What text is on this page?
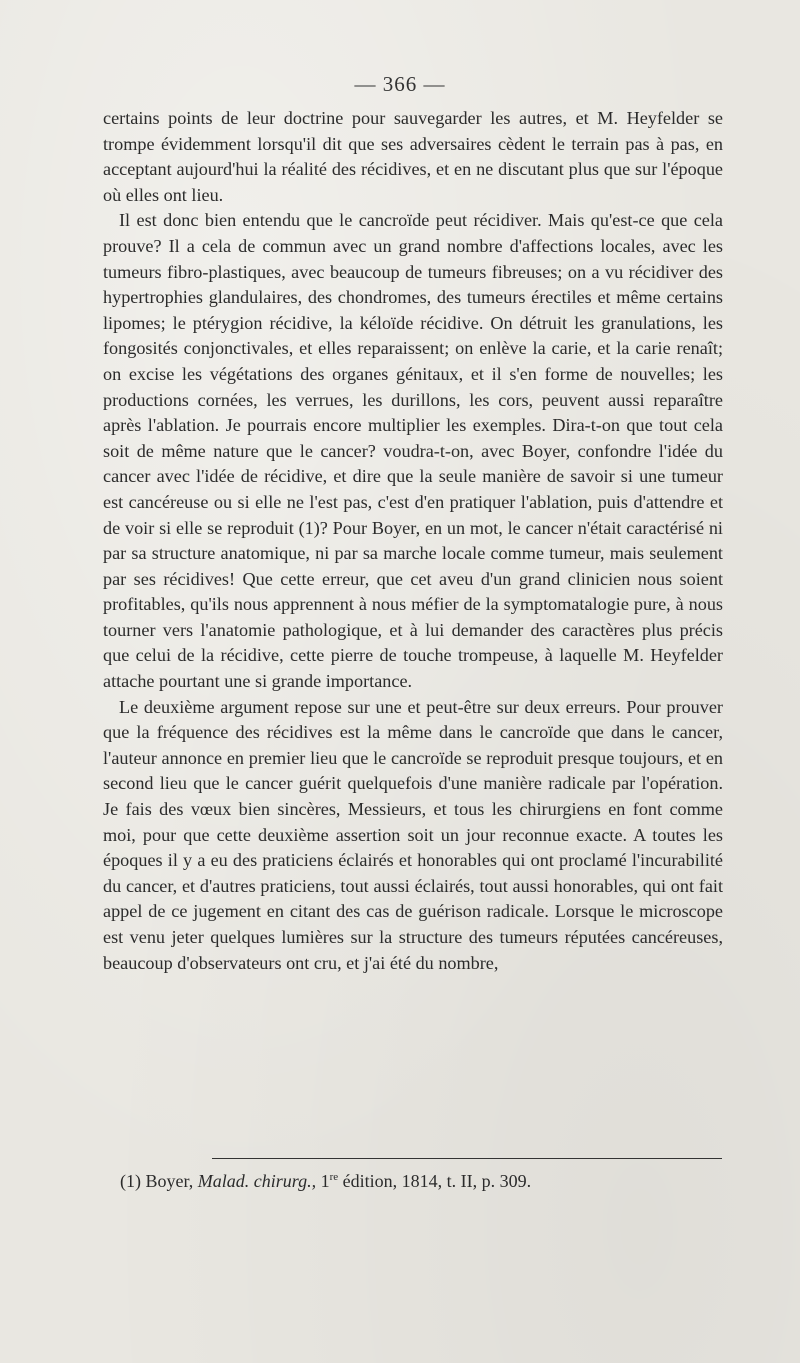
— 366 —

certains points de leur doctrine pour sauvegarder les autres, et M. Heyfelder se trompe évidemment lorsqu'il dit que ses adversaires cèdent le terrain pas à pas, en acceptant aujourd'hui la réalité des récidives, et en ne discutant plus que sur l'époque où elles ont lieu.

Il est donc bien entendu que le cancroïde peut récidiver. Mais qu'est-ce que cela prouve? Il a cela de commun avec un grand nombre d'affections locales, avec les tumeurs fibro-plastiques, avec beaucoup de tumeurs fibreuses; on a vu récidiver des hypertrophies glandulaires, des chondromes, des tumeurs érectiles et même certains lipomes; le ptérygion récidive, la kéloïde récidive. On détruit les granulations, les fongosités conjonctivales, et elles reparaissent; on enlève la carie, et la carie renaît; on excise les végétations des organes génitaux, et il s'en forme de nouvelles; les productions cornées, les verrues, les durillons, les cors, peuvent aussi reparaître après l'ablation. Je pourrais encore multiplier les exemples. Dira-t-on que tout cela soit de même nature que le cancer? voudra-t-on, avec Boyer, confondre l'idée du cancer avec l'idée de récidive, et dire que la seule manière de savoir si une tumeur est cancéreuse ou si elle ne l'est pas, c'est d'en pratiquer l'ablation, puis d'attendre et de voir si elle se reproduit (1)? Pour Boyer, en un mot, le cancer n'était caractérisé ni par sa structure anatomique, ni par sa marche locale comme tumeur, mais seulement par ses récidives! Que cette erreur, que cet aveu d'un grand clinicien nous soient profitables, qu'ils nous apprennent à nous méfier de la symptomatalogie pure, à nous tourner vers l'anatomie pathologique, et à lui demander des caractères plus précis que celui de la récidive, cette pierre de touche trompeuse, à laquelle M. Heyfelder attache pourtant une si grande importance.

Le deuxième argument repose sur une et peut-être sur deux erreurs. Pour prouver que la fréquence des récidives est la même dans le cancroïde que dans le cancer, l'auteur annonce en premier lieu que le cancroïde se reproduit presque toujours, et en second lieu que le cancer guérit quelquefois d'une manière radicale par l'opération. Je fais des vœux bien sincères, Messieurs, et tous les chirurgiens en font comme moi, pour que cette deuxième assertion soit un jour reconnue exacte. A toutes les époques il y a eu des praticiens éclairés et honorables qui ont proclamé l'incurabilité du cancer, et d'autres praticiens, tout aussi éclairés, tout aussi honorables, qui ont fait appel de ce jugement en citant des cas de guérison radicale. Lorsque le microscope est venu jeter quelques lumières sur la structure des tumeurs réputées cancéreuses, beaucoup d'observateurs ont cru, et j'ai été du nombre,

(1) Boyer, Malad. chirurg., 1re édition, 1814, t. II, p. 309.
